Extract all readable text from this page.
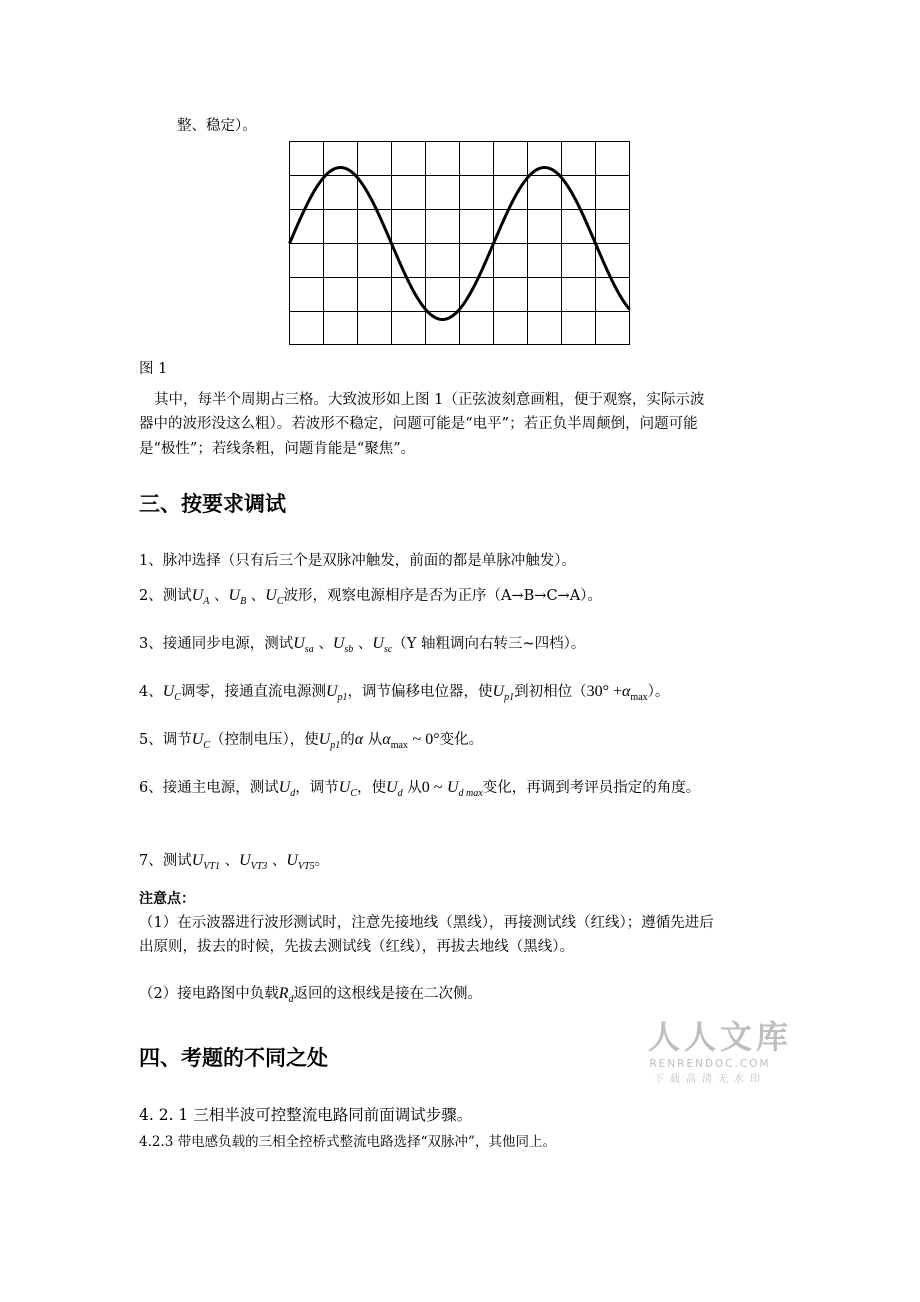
整、稳定）。
图 1
其中，每半个周期占三格。大致波形如上图 1（正弦波刻意画粗，便于观察，实际示波
器中的波形没这么粗）。若波形不稳定，问题可能是“电平”；若正负半周颠倒，问题可能
是“极性”；若线条粗，问题肯能是“聚焦”。
三、按要求调试
1、脉冲选择（只有后三个是双脉冲触发，前面的都是单脉冲触发）。
2、测试$U_A$ 、$U_B$ 、$U_C$波形，观察电源相序是否为正序（A→B→C→A）。
3、接通同步电源，测试$U_{sa}$ 、$U_{sb}$ 、$U_{sc}(Y$ 轴粗调向右转三~四档）。
4、$U_C$调零，接通直流电源测$U_{p1}$，调节偏移电位器，使$U_{p1}$到初相位$(30^\circ +\alpha_{max})$。
5、调节$U_C$（控制电压），使$U_{p1}$的α 从$\alpha_{max}$ ~ 0°变化。
6、接通主电源，测试$U_d$，调节$U_C$，使$U_d$ 从0 ~ $U_{d max}$变化，再调到考评员指定的角度。
7、测试$U_{VT1}$ 、$U_{VT3}$ 、$U_{VT5}$。
注意点：
（1）在示波器进行波形测试时，注意先接地线（黑线），再接测试线（红线）；遵循先进后
出原则，拔去的时候，先拔去测试线（红线），再拔去地线（黑线）。
（2）接电路图中负载$R_d$返回的这根线是接在二次侧。
人人文库
RENRENDOC.COM
下载高清无水印
四、考题的不同之处
4. 2. 1 三相半波可控整流电路同前面调试步骤。
4.2.3 带电感负载的三相全控桥式整流电路选择“双脉冲”，其他同上。
